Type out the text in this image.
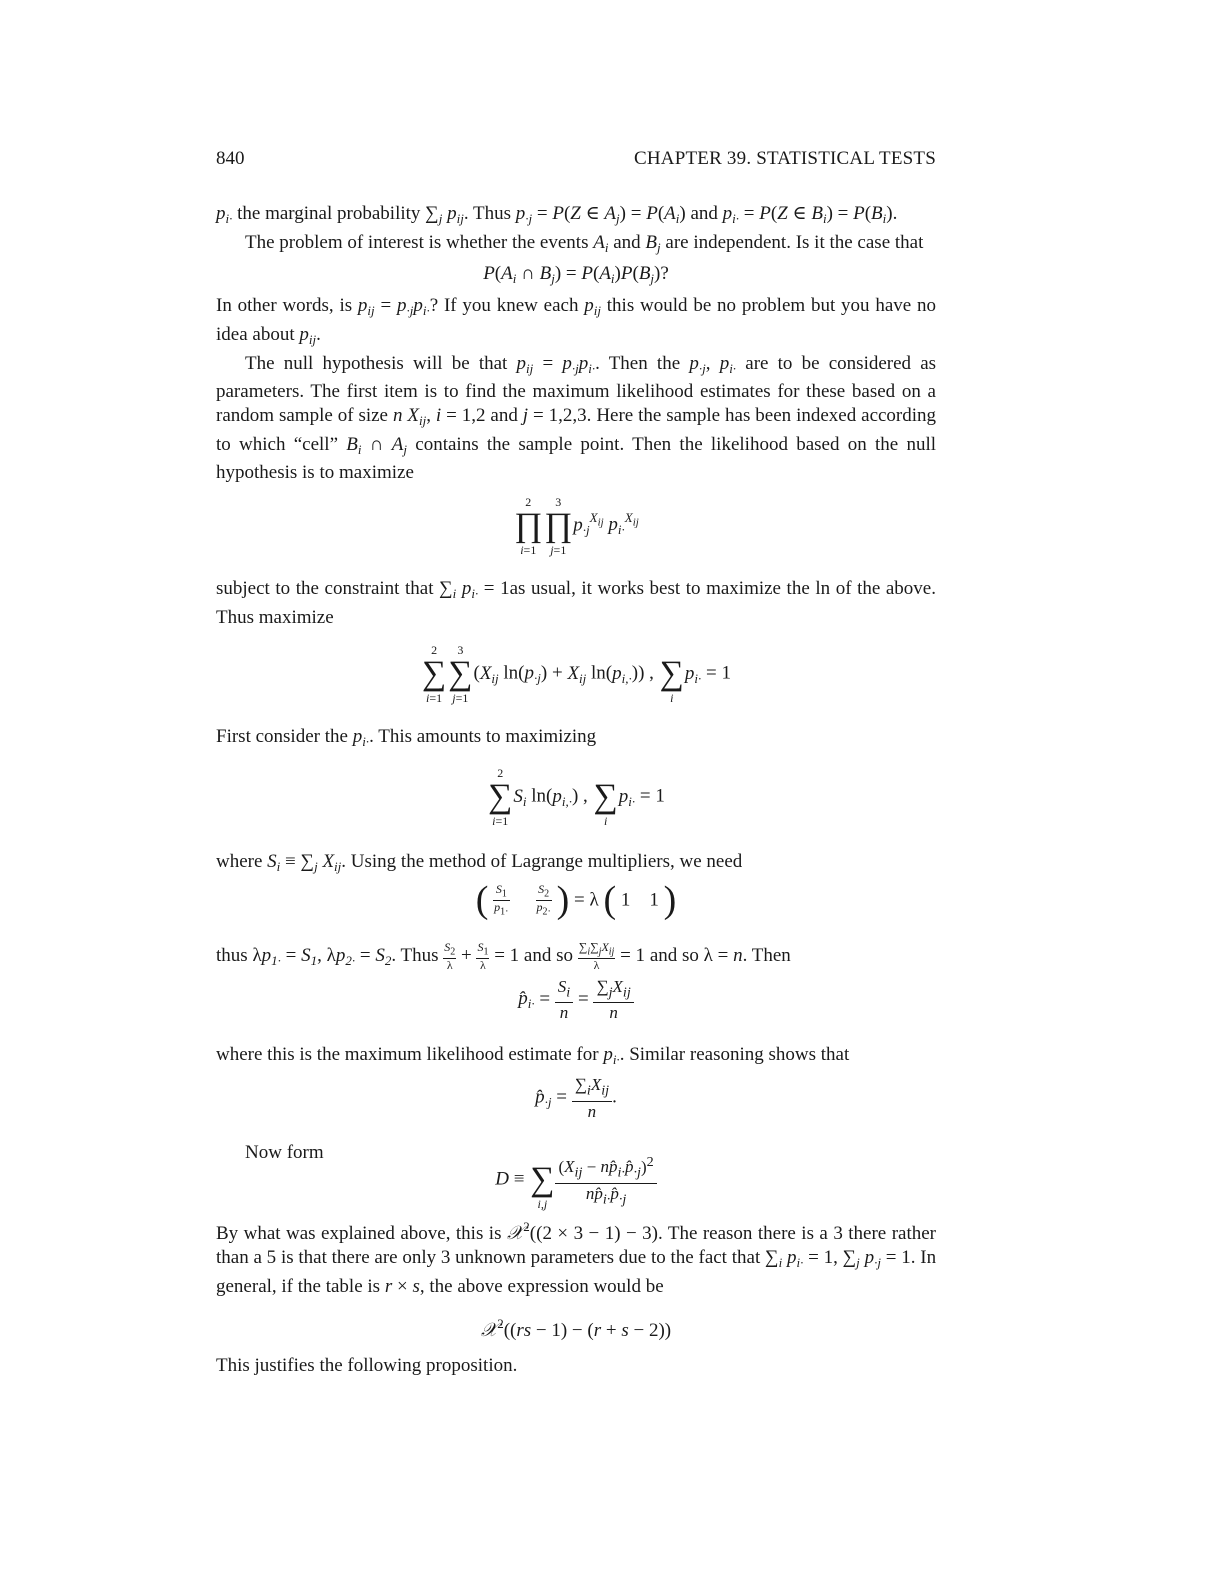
840	CHAPTER 39. STATISTICAL TESTS

$p_{i\cdot}$ the marginal probability $\sum_j$ $p_{ij}$. Thus $p_{\cdot j} = P(Z$ ∈ $A_j) = P(A_i)$ and $p_{i\cdot} = P(Z$ ∈ $B_i) = P(B_i)$.

The problem of interest is whether the events $A_i$ and $B_j$ are independent. Is it the case that

$P(A_i$ ∩ $B_j) = P(A_i)P(B_j)$?

In other words, is $p_{ij} = p_{\cdot j}p_{i\cdot}$? If you knew each $p_{ij}$ this would be no problem but you have no idea about $p_{ij}$.

The null hypothesis will be that $p_{ij} = p_{\cdot j}p_{i\cdot}$. Then the $p_{\cdot j}$, $p_{i\cdot}$ are to be considered as parameters. The first item is to find the maximum likelihood estimates for these based on a random sample of size n $X_{ij}$, i = 1,2 and j = 1,2,3. Here the sample has been indexed according to which “cell” $B_i$ ∩ $A_j$ contains the sample point. Then the likelihood based on the null hypothesis is to maximize

2
∏
i=1
3
∏
j=1
$p_{\cdot j}^{X_{ij}}$ $p_{i\cdot}^{X_{ij}}$

subject to the constraint that $\sum_i$ $p_{i\cdot} = 1as$ usual, it works best to maximize the ln of the above. Thus maximize

2
∑
i=1
3
∑
j=1
($X_{ij}$ $\ln(p_{\cdot j}) + X_{ij}$ $\ln(p_{i,\cdot})$) ,
∑
i
$p_{i\cdot} = 1$

First consider the $p_{i\cdot}$. This amounts to maximizing

2
∑
i=1
$S_i$ $\ln(p_{i,\cdot})$ ,
∑
i
$p_{i\cdot} = 1$

where $S_i \equiv \sum_j$ $X_{ij}$. Using the method of Lagrange multipliers, we need

( $\frac{S_1}{p_{1\cdot}} \frac{S_2}{p_{2\cdot}}$ ) = λ ( 1    1 )

thus $\lambda p_{1\cdot} = S_1$, $\lambda p_{2\cdot} = S_2$. Thus $\frac{S_2}{\lambda} + \frac{S_1}{\lambda} = 1$ and so $\sum_i\sum_jX_{ij}$
λ = 1 and so λ = n. Then

$p̂_{i\cdot} = \frac{S_i}{n} = \frac{\sum_jX_{ij}}{n}$

where this is the maximum likelihood estimate for $p_{i\cdot}$. Similar reasoning shows that

$p̂_{\cdot j} = \frac{\sum_iX_{ij}}{n}$ .

Now form

D ≡
∑
$i,j \frac{(X_{ij} - np̂_{i\cdot}p̂_{\cdot j})^2}{np̂_{i\cdot}p̂_{\cdot j}}$

By what was explained above, this is 𝒳$^2$((2 × 3 − 1) − 3). The reason there is a 3 there rather than a 5 is that there are only 3 unknown parameters due to the fact that $\sum_i$ $p_{i\cdot} = 1$, $\sum_j$ $p_{\cdot j} = 1$. In general, if the table is r × s, the above expression would be

𝒳$^2$((rs − 1) − (r + s − 2))

This justifies the following proposition.
